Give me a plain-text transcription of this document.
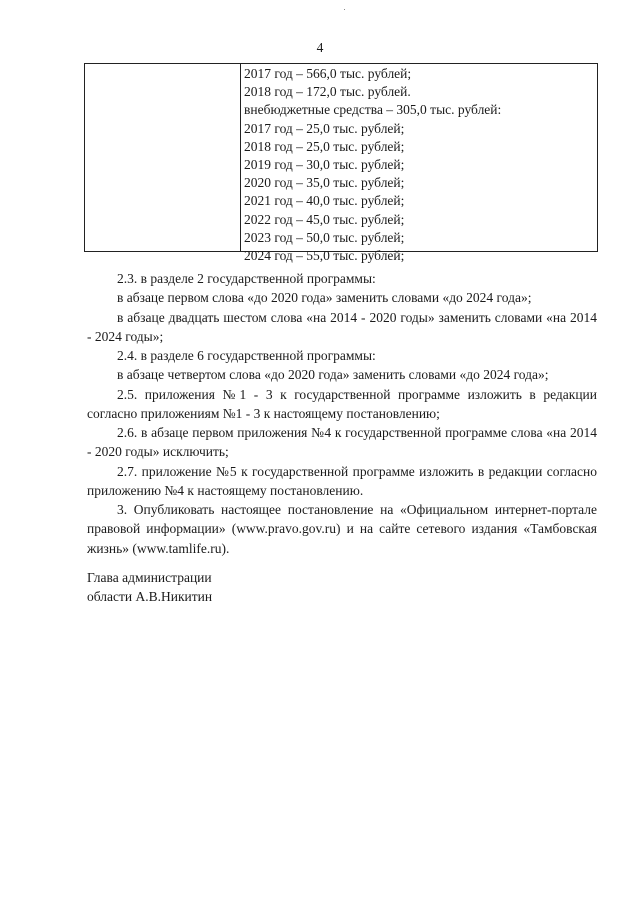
4
2017 год – 566,0 тыс. рублей;
2018 год – 172,0 тыс. рублей.
внебюджетные средства – 305,0 тыс. рублей:
2017 год – 25,0 тыс. рублей;
2018 год – 25,0 тыс. рублей;
2019 год – 30,0 тыс. рублей;
2020 год – 35,0 тыс. рублей;
2021 год – 40,0 тыс. рублей;
2022 год – 45,0 тыс. рублей;
2023 год – 50,0 тыс. рублей;
2024 год – 55,0 тыс. рублей;

2.3. в разделе 2 государственной программы:

в абзаце первом слова «до 2020 года» заменить словами «до 2024 года»;

в абзаце двадцать шестом слова «на 2014 - 2020 годы» заменить словами «на 2014 - 2024 годы»;

2.4. в разделе 6 государственной программы:

в абзаце четвертом слова «до 2020 года» заменить словами «до 2024 года»;

2.5. приложения №1 - 3 к государственной программе изложить в редакции согласно приложениям №1 - 3 к настоящему постановлению;

2.6. в абзаце первом приложения №4 к государственной программе слова «на 2014 - 2020 годы» исключить;

2.7. приложение №5 к государственной программе изложить в редакции согласно приложению №4 к настоящему постановлению.

3. Опубликовать настоящее постановление на «Официальном интернет-портале правовой информации» (www.pravo.gov.ru) и на сайте сетевого издания «Тамбовская жизнь» (www.tamlife.ru).

Глава администрации

области А.В.Никитин
